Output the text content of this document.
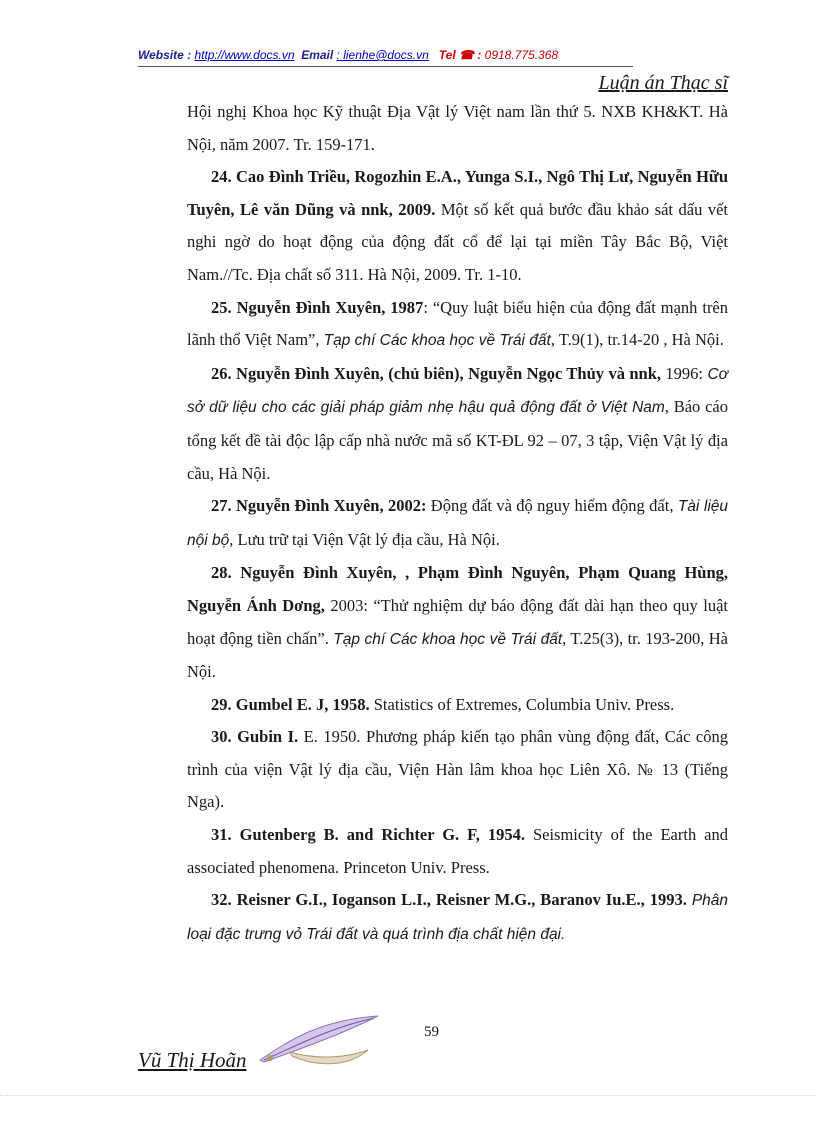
Website : http://www.docs.vn Email : lienhe@docs.vn Tel ☎ : 0918.775.368
Luận án Thạc sĩ

Hội nghị Khoa học Kỹ thuật Địa Vật lý Việt nam lần thứ 5. NXB KH&KT. Hà Nội, năm 2007. Tr. 159-171.

24. Cao Đình Triều, Rogozhin E.A., Yunga S.I., Ngô Thị Lư, Nguyễn Hữu Tuyên, Lê văn Dũng và nnk, 2009. Một số kết quả bước đầu khảo sát dấu vết nghi ngờ do hoạt động của động đất cổ để lại tại miền Tây Bắc Bộ, Việt Nam.//Tc. Địa chất số 311. Hà Nội, 2009. Tr. 1-10.

25. Nguyễn Đình Xuyên, 1987: “Quy luật biểu hiện của động đất mạnh trên lãnh thổ Việt Nam”, Tạp chí Các khoa học về Trái đất, T.9(1), tr.14-20 , Hà Nội.

26. Nguyễn Đình Xuyên, (chủ biên), Nguyễn Ngọc Thủy và nnk, 1996: Cơ sở dữ liệu cho các giải pháp giảm nhẹ hậu quả động đất ở Việt Nam, Báo cáo tổng kết đề tài độc lập cấp nhà nước mã số KT-ĐL 92 – 07, 3 tập, Viện Vật lý địa cầu, Hà Nội.

27. Nguyễn Đình Xuyên, 2002: Động đất và độ nguy hiểm động đất, Tài liệu nội bộ, Lưu trữ tại Viện Vật lý địa cầu, Hà Nội.

28. Nguyễn Đình Xuyên, , Phạm Đình Nguyên, Phạm Quang Hùng, Nguyễn Ánh Dơng, 2003: “Thử nghiệm dự báo động đất dài hạn theo quy luật hoạt động tiền chấn”. Tạp chí Các khoa học về Trái đất, T.25(3), tr. 193-200, Hà Nội.

29. Gumbel E. J, 1958. Statistics of Extremes, Columbia Univ. Press.

30. Gubin I. E. 1950. Phương pháp kiến tạo phân vùng động đất, Các công trình của viện Vật lý địa cầu, Viện Hàn lâm khoa học Liên Xô. № 13 (Tiếng Nga).

31. Gutenberg B. and Richter G. F, 1954. Seismicity of the Earth and associated phenomena. Princeton Univ. Press.

32. Reisner G.I., Ioganson L.I., Reisner M.G., Baranov Iu.E., 1993. Phân loại đặc trưng vỏ Trái đất và quá trình địa chất hiện đại.

59
Vũ Thị Hoãn
